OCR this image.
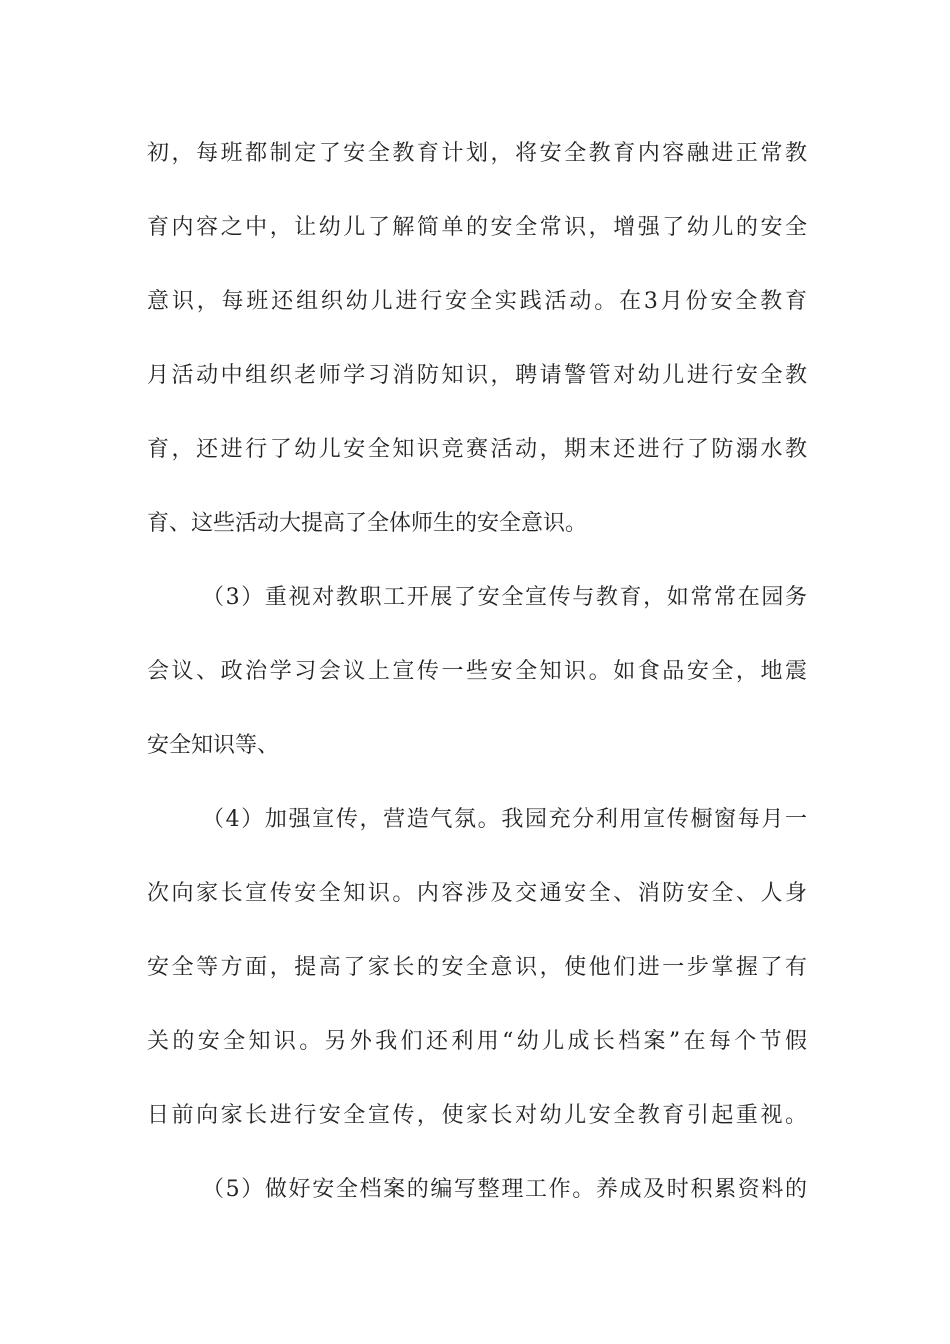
初，每班都制定了安全教育计划，将安全教育内容融进正常教
育内容之中，让幼儿了解简单的安全常识，增强了幼儿的安全
意识，每班还组织幼儿进行安全实践活动。在3月份安全教育
月活动中组织老师学习消防知识，聘请警管对幼儿进行安全教
育，还进行了幼儿安全知识竞赛活动，期末还进行了防溺水教
育、这些活动大提高了全体师生的安全意识。
（3）重视对教职工开展了安全宣传与教育，如常常在园务
会议、政治学习会议上宣传一些安全知识。如食品安全，地震
安全知识等、
（4）加强宣传，营造气氛。我园充分利用宣传橱窗每月一
次向家长宣传安全知识。内容涉及交通安全、消防安全、人身
安全等方面，提高了家长的安全意识，使他们进一步掌握了有
关的安全知识。另外我们还利用“幼儿成长档案”在每个节假
日前向家长进行安全宣传，使家长对幼儿安全教育引起重视。
（5）做好安全档案的编写整理工作。养成及时积累资料的
